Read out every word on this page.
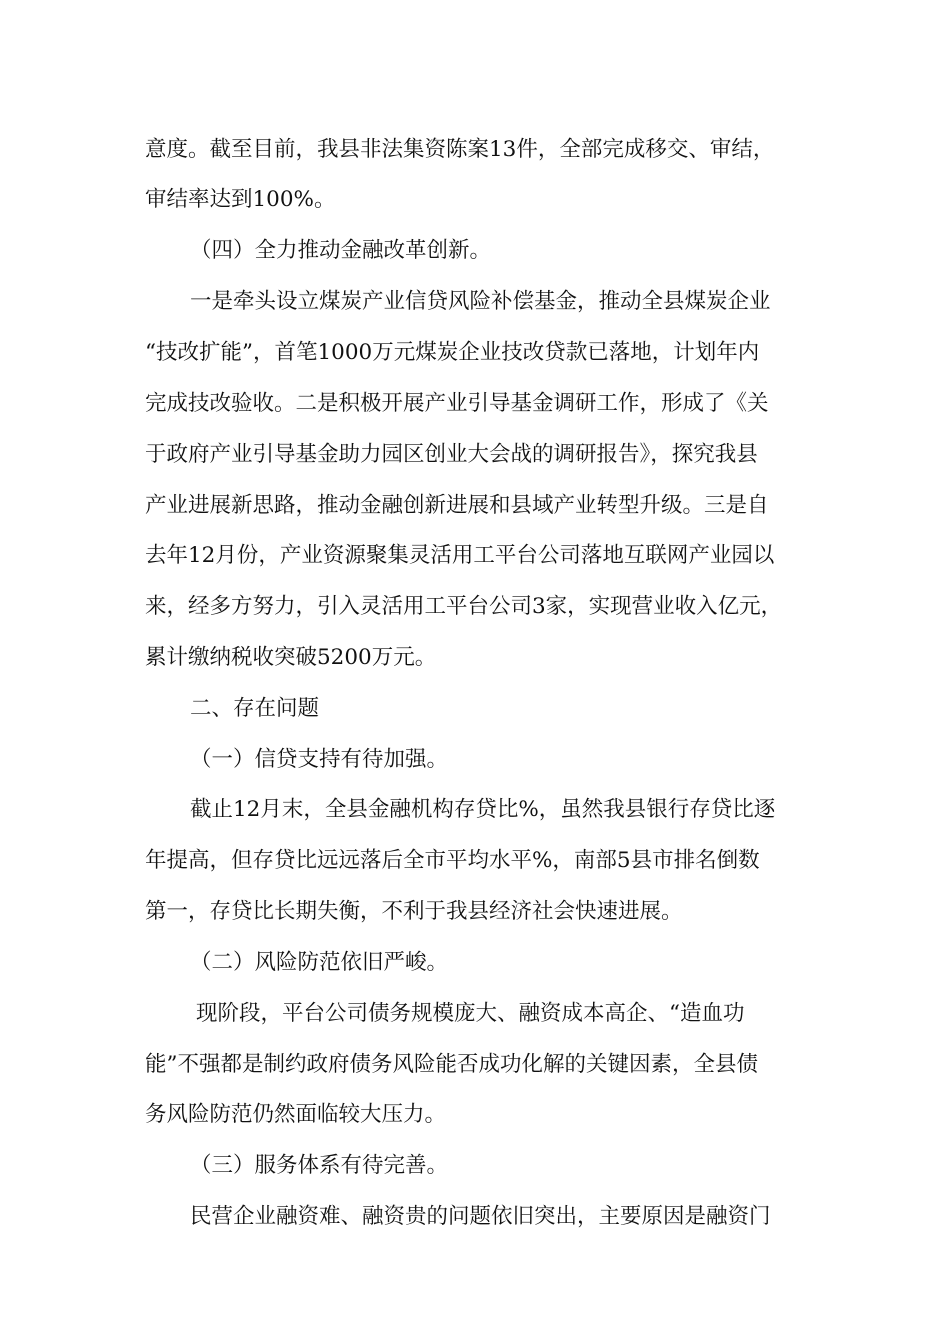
意度。截至目前，我县非法集资陈案13件，全部完成移交、审结，
审结率达到100%。
（四）全力推动金融改革创新。
一是牵头设立煤炭产业信贷风险补偿基金，推动全县煤炭企业
“技改扩能”，首笔1000万元煤炭企业技改贷款已落地，计划年内
完成技改验收。二是积极开展产业引导基金调研工作，形成了《关
于政府产业引导基金助力园区创业大会战的调研报告》，探究我县
产业进展新思路，推动金融创新进展和县域产业转型升级。三是自
去年12月份，产业资源聚集灵活用工平台公司落地互联网产业园以
来，经多方努力，引入灵活用工平台公司3家，实现营业收入亿元，
累计缴纳税收突破5200万元。
二、存在问题
（一）信贷支持有待加强。
截止12月末，全县金融机构存贷比%，虽然我县银行存贷比逐
年提高，但存贷比远远落后全市平均水平%，南部5县市排名倒数
第一，存贷比长期失衡，不利于我县经济社会快速进展。
（二）风险防范依旧严峻。
现阶段，平台公司债务规模庞大、融资成本高企、“造血功
能”不强都是制约政府债务风险能否成功化解的关键因素，全县债
务风险防范仍然面临较大压力。
（三）服务体系有待完善。
民营企业融资难、融资贵的问题依旧突出，主要原因是融资门
